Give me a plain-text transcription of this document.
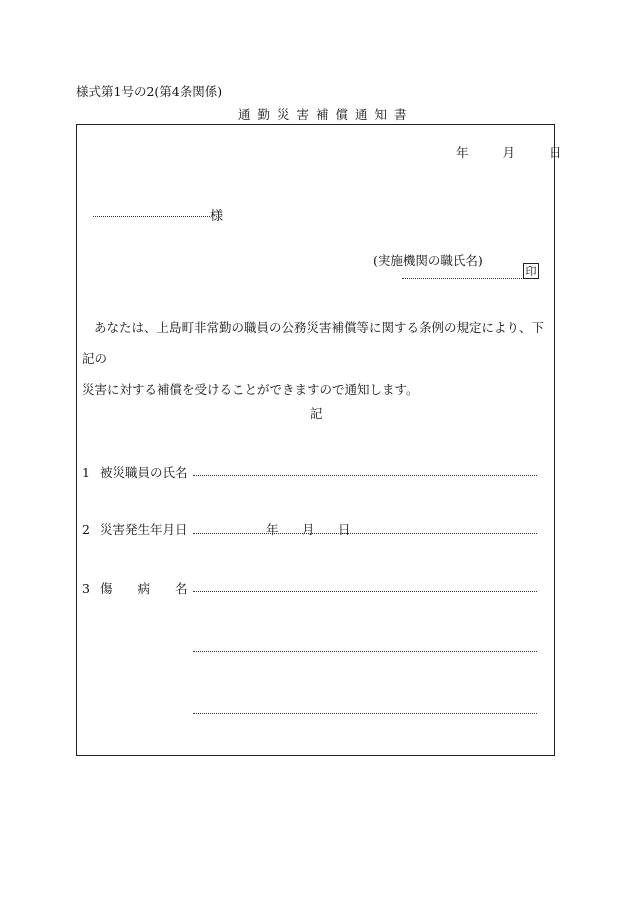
様式第1号の2(第4条関係)
通勤災害補償通知書
年	月	日
様
(実施機関の職氏名)
印

あなたは、上島町非常勤の職員の公務災害補償等に関する条例の規定により、下記の

災害に対する補償を受けることができますので通知します。

記
1 被災職員の氏名
2 災害発生年月日	年 月 日
3 傷　　病　　名
